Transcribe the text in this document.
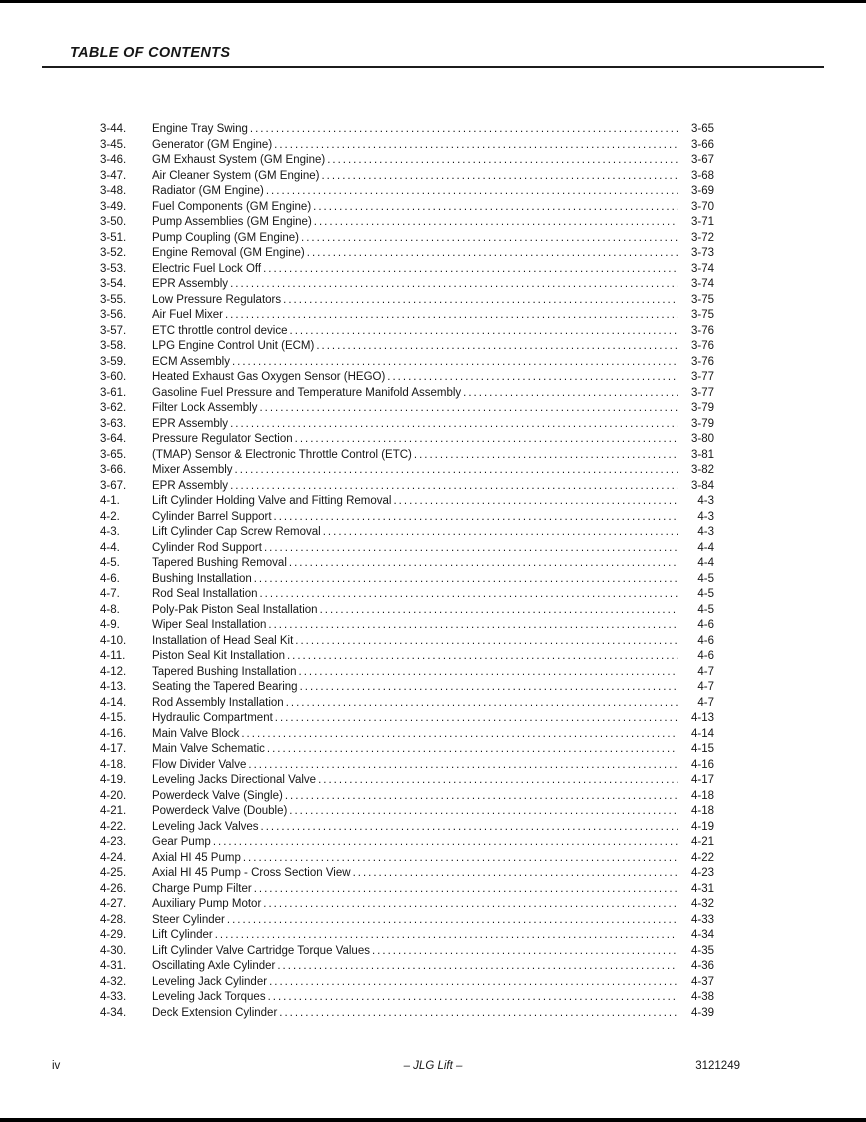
TABLE OF CONTENTS
3-44.	Engine Tray Swing .....	3-65
3-45.	Generator (GM Engine) .....	3-66
3-46.	GM Exhaust System (GM Engine) .....	3-67
3-47.	Air Cleaner System (GM Engine) .....	3-68
3-48.	Radiator (GM Engine) .....	3-69
3-49.	Fuel Components (GM Engine) .....	3-70
3-50.	Pump Assemblies (GM Engine) .....	3-71
3-51.	Pump Coupling (GM Engine) .....	3-72
3-52.	Engine Removal (GM Engine) .....	3-73
3-53.	Electric Fuel Lock Off .....	3-74
3-54.	EPR Assembly .....	3-74
3-55.	Low Pressure Regulators .....	3-75
3-56.	Air Fuel Mixer .....	3-75
3-57.	ETC throttle control device .....	3-76
3-58.	LPG Engine Control Unit (ECM) .....	3-76
3-59.	ECM Assembly .....	3-76
3-60.	Heated Exhaust Gas Oxygen Sensor (HEGO) .....	3-77
3-61.	Gasoline Fuel Pressure and Temperature Manifold Assembly .....	3-77
3-62.	Filter Lock Assembly .....	3-79
3-63.	EPR Assembly .....	3-79
3-64.	Pressure Regulator Section .....	3-80
3-65.	(TMAP) Sensor & Electronic Throttle Control (ETC) .....	3-81
3-66.	Mixer Assembly .....	3-82
3-67.	EPR Assembly .....	3-84
4-1.	Lift Cylinder Holding Valve and Fitting Removal .....	4-3
4-2.	Cylinder Barrel Support .....	4-3
4-3.	Lift Cylinder Cap Screw Removal .....	4-3
4-4.	Cylinder Rod Support .....	4-4
4-5.	Tapered Bushing Removal .....	4-4
4-6.	Bushing Installation .....	4-5
4-7.	Rod Seal Installation .....	4-5
4-8.	Poly-Pak Piston Seal Installation .....	4-5
4-9.	Wiper Seal Installation .....	4-6
4-10.	Installation of Head Seal Kit .....	4-6
4-11.	Piston Seal Kit Installation .....	4-6
4-12.	Tapered Bushing Installation .....	4-7
4-13.	Seating the Tapered Bearing .....	4-7
4-14.	Rod Assembly Installation .....	4-7
4-15.	Hydraulic Compartment .....	4-13
4-16.	Main Valve Block .....	4-14
4-17.	Main Valve Schematic .....	4-15
4-18.	Flow Divider Valve .....	4-16
4-19.	Leveling Jacks Directional Valve .....	4-17
4-20.	Powerdeck Valve (Single) .....	4-18
4-21.	Powerdeck Valve (Double) .....	4-18
4-22.	Leveling Jack Valves .....	4-19
4-23.	Gear Pump .....	4-21
4-24.	Axial HI 45 Pump .....	4-22
4-25.	Axial HI 45 Pump - Cross Section View .....	4-23
4-26.	Charge Pump Filter .....	4-31
4-27.	Auxiliary Pump Motor .....	4-32
4-28.	Steer Cylinder .....	4-33
4-29.	Lift Cylinder .....	4-34
4-30.	Lift Cylinder Valve Cartridge Torque Values .....	4-35
4-31.	Oscillating Axle Cylinder .....	4-36
4-32.	Leveling Jack Cylinder .....	4-37
4-33.	Leveling Jack Torques .....	4-38
4-34.	Deck Extension Cylinder .....	4-39
– JLG Lift –
iv	3121249
